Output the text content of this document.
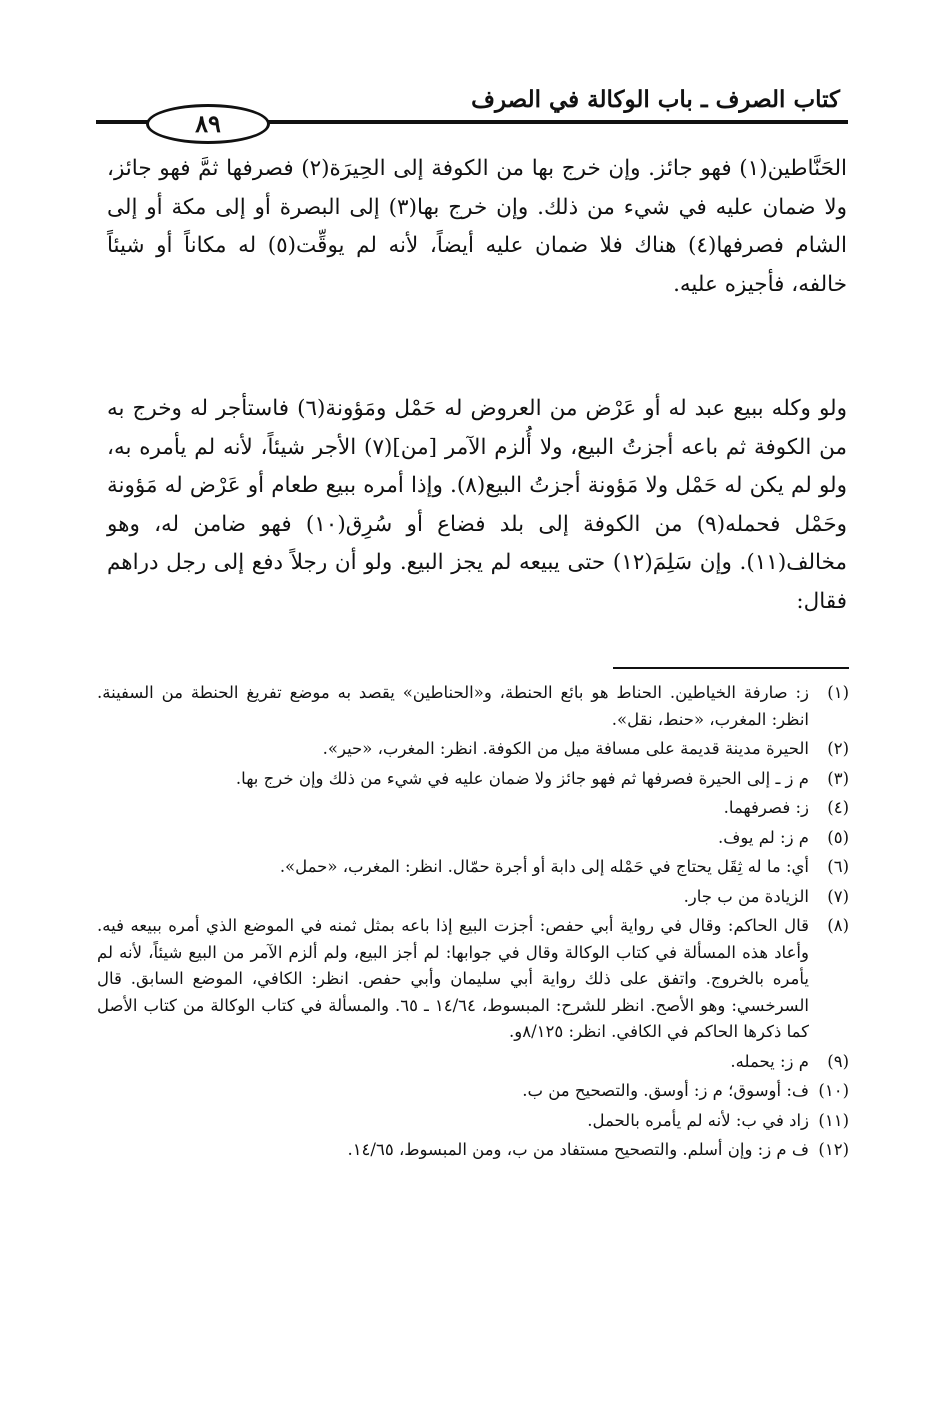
كتاب الصرف ـ باب الوكالة في الصرف
٨٩

الحَنَّاطين(١) فهو جائز. وإن خرج بها من الكوفة إلى الحِيرَة(٢) فصرفها ثمَّ فهو جائز، ولا ضمان عليه في شيء من ذلك. وإن خرج بها(٣) إلى البصرة أو إلى مكة أو إلى الشام فصرفها(٤) هناك فلا ضمان عليه أيضاً، لأنه لم يوقِّت(٥) له مكاناً أو شيئاً خالفه، فأجيزه عليه.

ولو وكله ببيع عبد له أو عَرْض من العروض له حَمْل ومَؤونة(٦) فاستأجر له وخرج به من الكوفة ثم باعه أجزتُ البيع، ولا أُلزم الآمر [من](٧) الأجر شيئاً، لأنه لم يأمره به، ولو لم يكن له حَمْل ولا مَؤونة أجزتُ البيع(٨). وإذا أمره ببيع طعام أو عَرْض له مَؤونة وحَمْل فحمله(٩) من الكوفة إلى بلد فضاع أو سُرِق(١٠) فهو ضامن له، وهو مخالف(١١). وإن سَلِمَ(١٢) حتى يبيعه لم يجز البيع. ولو أن رجلاً دفع إلى رجل دراهم فقال:

(١)
ز: صارفة الخياطين. الحناط هو بائع الحنطة، و«الحناطين» يقصد به موضع تفريغ الحنطة من السفينة. انظر: المغرب، «حنط، نقل».
(٢)
الحيرة مدينة قديمة على مسافة ميل من الكوفة. انظر: المغرب، «حير».
(٣)
م ز ـ إلى الحيرة فصرفها ثم فهو جائز ولا ضمان عليه في شيء من ذلك وإن خرج بها.
(٤)
ز: فصرفهما.
(٥)
م ز: لم يوف.
(٦)
أي: ما له ثِقَل يحتاج في حَمْله إلى دابة أو أجرة حمّال. انظر: المغرب، «حمل».
(٧)
الزيادة من ب جار.
(٨)
قال الحاكم: وقال في رواية أبي حفص: أجزت البيع إذا باعه بمثل ثمنه في الموضع الذي أمره ببيعه فيه. وأعاد هذه المسألة في كتاب الوكالة وقال في جوابها: لم أجز البيع، ولم ألزم الآمر من البيع شيئاً، لأنه لم يأمره بالخروج. واتفق على ذلك رواية أبي سليمان وأبي حفص. انظر: الكافي، الموضع السابق. قال السرخسي: وهو الأصح. انظر للشرح: المبسوط، ١٤/٦٤ ـ ٦٥. والمسألة في كتاب الوكالة من كتاب الأصل كما ذكرها الحاكم في الكافي. انظر: ٨/١٢٥و.
(٩)
م ز: يحمله.
(١٠)
ف: أوسوق؛ م ز: أوسق. والتصحيح من ب.
(١١)
زاد في ب: لأنه لم يأمره بالحمل.
(١٢)
ف م ز: وإن أسلم. والتصحيح مستفاد من ب، ومن المبسوط، ١٤/٦٥.
